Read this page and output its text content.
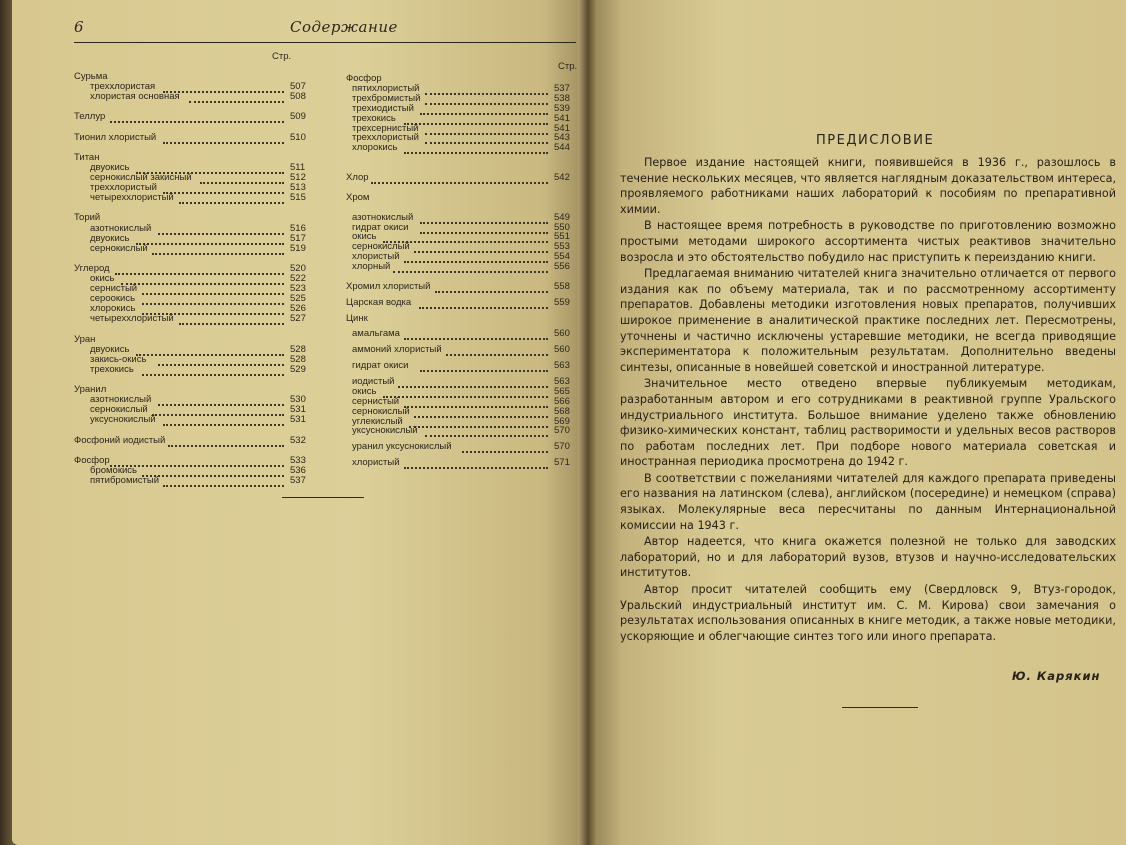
6	Содержание
Стр.
Сурьма
треххлористая	507
хлористая основная	508
Теллур	509
Тионил хлористый	510
Титан
двуокись	511
сернокислый закисный	512
треххлористый	513
четыреххлористый	515
Торий
азотнокислый	516
двуокись	517
сернокислый	519
Углерод	520
окись	522
сернистый	523
сероокись	525
хлорокись	526
четыреххлористый	527
Уран
двуокись	528
закись-окись	528
трехокись	529
Уранил
азотнокислый	530
сернокислый	531
уксуснокислый	531
Фосфоний иодистый	532
Фосфор	533
бромокись	536
пятибромистый	537
Стр.
Фосфор
пятихлористый	537
трехбромистый	538
трехиодистый	539
трехокись	541
трехсернистый	541
треххлористый	543
хлорокись	544
Хлор	542
Хром
азотнокислый	549
гидрат окиси	550
окись	551
сернокислый	553
хлористый	554
хлорный	556
Хромил хлористый	558
Царская водка	559
Цинк
амальгама	560
аммоний хлористый	560
гидрат окиси	563
иодистый	563
окись	565
сернистый	566
сернокислый	568
углекислый	569
уксуснокислый	570
уранил уксуснокислый	570
хлористый	571
ПРЕДИСЛОВИЕ

Первое издание настоящей книги, появившейся в 1936 г., разошлось в течение нескольких месяцев, что является наглядным доказательством интереса, проявляемого работниками наших лабораторий к пособиям по препаративной химии.

В настоящее время потребность в руководстве по приготовлению возможно простыми методами широкого ассортимента чистых реактивов значительно возросла и это обстоятельство побудило нас приступить к переизданию книги.

Предлагаемая вниманию читателей книга значительно отличается от первого издания как по объему материала, так и по рассмотренному ассортименту препаратов. Добавлены методики изготовления новых препаратов, получивших широкое применение в аналитической практике последних лет. Пересмотрены, уточнены и частично исключены устаревшие методики, не всегда приводящие экспериментатора к положительным результатам. Дополнительно введены синтезы, описанные в новейшей советской и иностранной литературе.

Значительное место отведено впервые публикуемым методикам, разработанным автором и его сотрудниками в реактивной группе Уральского индустриального института. Большое внимание уделено также обновлению физико-химических констант, таблиц растворимости и удельных весов растворов по работам последних лет. При подборе нового материала советская и иностранная периодика просмотрена до 1942 г.

В соответствии с пожеланиями читателей для каждого препарата приведены его названия на латинском (слева), английском (посередине) и немецком (справа) языках. Молекулярные веса пересчитаны по данным Интернациональной комиссии на 1943 г.

Автор надеется, что книга окажется полезной не только для заводских лабораторий, но и для лабораторий вузов, втузов и научно-исследовательских институтов.

Автор просит читателей сообщить ему (Свердловск 9, Втуз-городок, Уральский индустриальный институт им. С. М. Кирова) свои замечания о результатах использования описанных в книге методик, а также новые методики, ускоряющие и облегчающие синтез того или иного препарата.

Ю. Карякин
